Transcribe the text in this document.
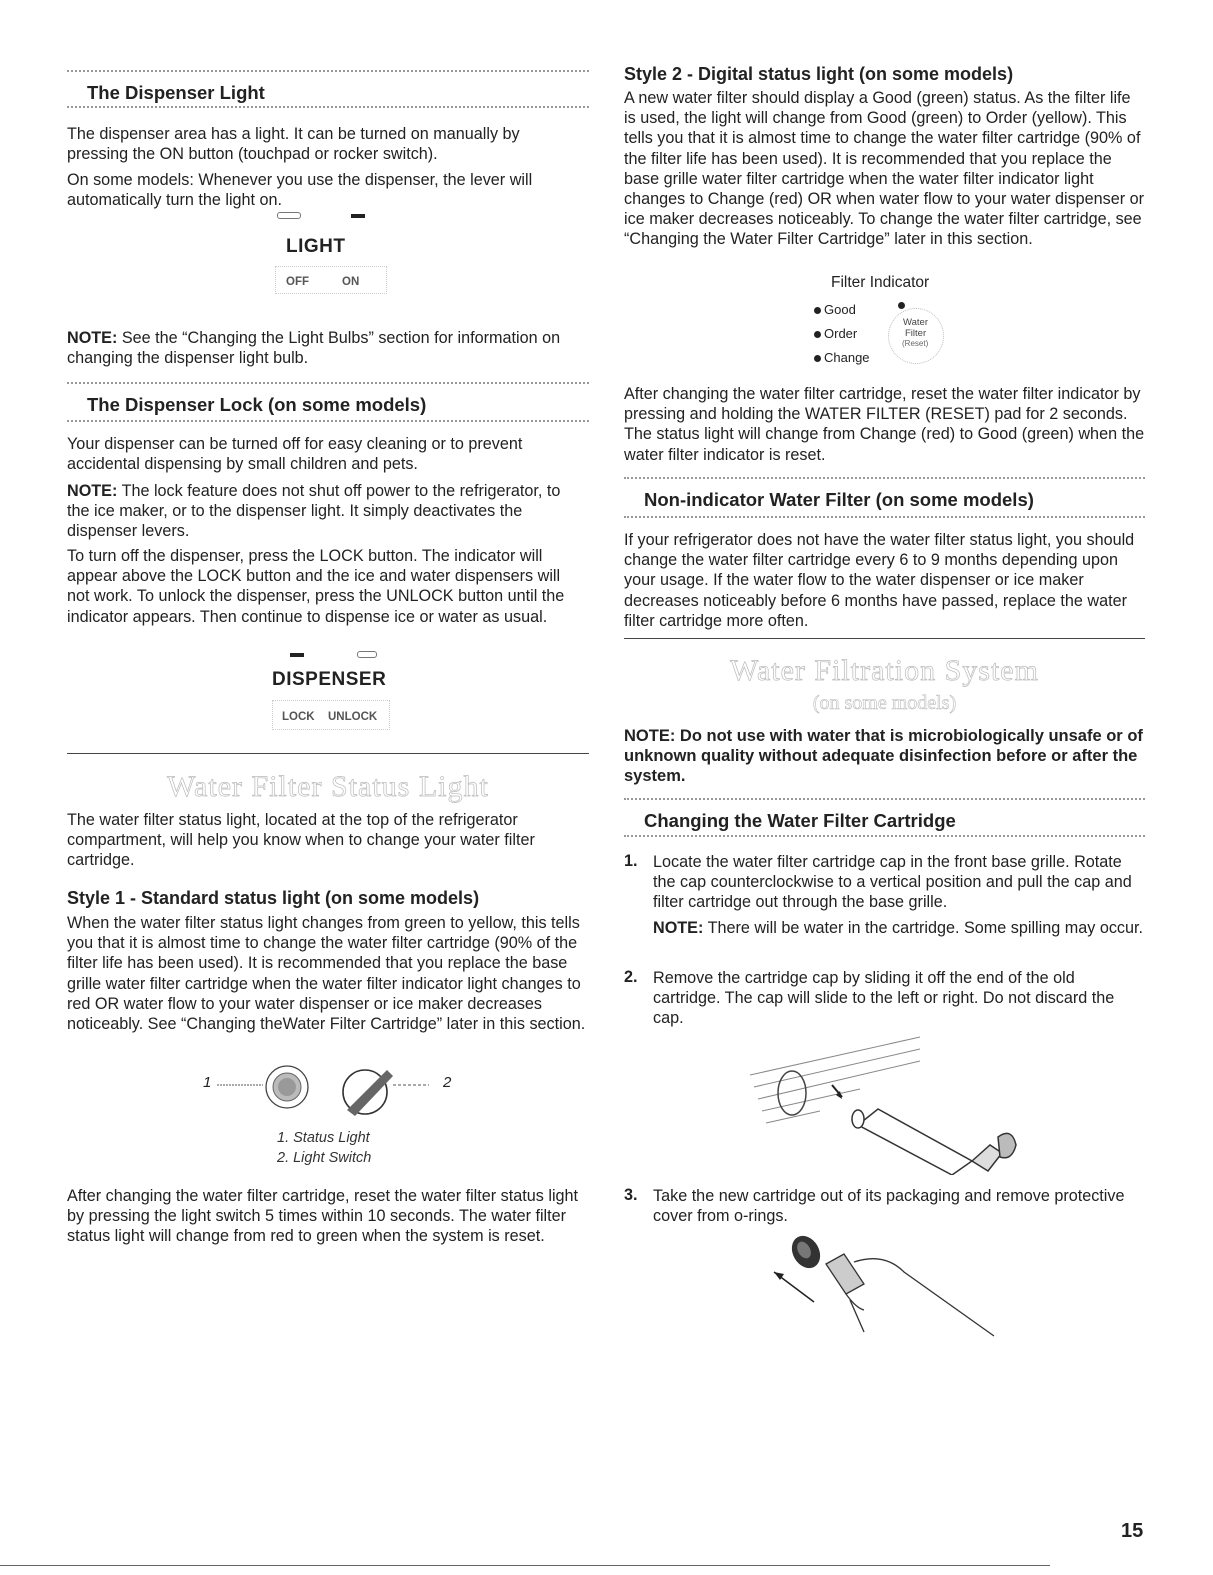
The Dispenser Light

The dispenser area has a light. It can be turned on manually by pressing the ON button (touchpad or rocker switch).

On some models: Whenever you use the dispenser, the lever will automatically turn the light on.

LIGHT
OFF	ON

NOTE: See the “Changing the Light Bulbs” section for information on changing the dispenser light bulb.

The Dispenser Lock (on some models)

Your dispenser can be turned off for easy cleaning or to prevent accidental dispensing by small children and pets.

NOTE: The lock feature does not shut off power to the refrigerator, to the ice maker, or to the dispenser light. It simply deactivates the dispenser levers.

To turn off the dispenser, press the LOCK button. The indicator will appear above the LOCK button and the ice and water dispensers will not work. To unlock the dispenser, press the UNLOCK button until the indicator appears. Then continue to dispense ice or water as usual.

DISPENSER
LOCK UNLOCK
Water Filter Status Light

The water filter status light, located at the top of the refrigerator compartment, will help you know when to change your water filter cartridge.

Style 1 - Standard status light (on some models)

When the water filter status light changes from green to yellow, this tells you that it is almost time to change the water filter cartridge (90% of the filter life has been used). It is recommended that you replace the base grille water filter cartridge when the water filter indicator light changes to red OR water flow to your water dispenser or ice maker decreases noticeably. See “Changing theWater Filter Cartridge” later in this section.

1	2
1. Status Light
2. Light Switch

After changing the water filter cartridge, reset the water filter status light by pressing the light switch 5 times within 10 seconds. The water filter status light will change from red to green when the system is reset.

Style 2 - Digital status light (on some models)

A new water filter should display a Good (green) status. As the filter life is used, the light will change from Good (green) to Order (yellow). This tells you that it is almost time to change the water filter cartridge (90% of the filter life has been used). It is recommended that you replace the base grille water filter cartridge when the water filter indicator light changes to Change (red) OR when water flow to your water dispenser or ice maker decreases noticeably. To change the water filter cartridge, see “Changing the Water Filter Cartridge” later in this section.

Filter Indicator
Good
Order
Change
Water
Filter
(Reset)

After changing the water filter cartridge, reset the water filter indicator by pressing and holding the WATER FILTER (RESET) pad for 2 seconds. The status light will change from Change (red) to Good (green) when the water filter indicator is reset.

Non-indicator Water Filter (on some models)

If your refrigerator does not have the water filter status light, you should change the water filter cartridge every 6 to 9 months depending upon your usage. If the water flow to the water dispenser or ice maker decreases noticeably before 6 months have passed, replace the water filter cartridge more often.

Water Filtration System
(on some models)

NOTE: Do not use with water that is microbiologically unsafe or of unknown quality without adequate disinfection before or after the system.

Changing the Water Filter Cartridge
1. Locate the water filter cartridge cap in the front base grille. Rotate the cap counterclockwise to a vertical position and pull the cap and filter cartridge out through the base grille.

NOTE: There will be water in the cartridge. Some spilling may occur.

2. Remove the cartridge cap by sliding it off the end of the old cartridge. The cap will slide to the left or right. Do not discard the cap.

3. Take the new cartridge out of its packaging and remove protective cover from o-rings.

15
